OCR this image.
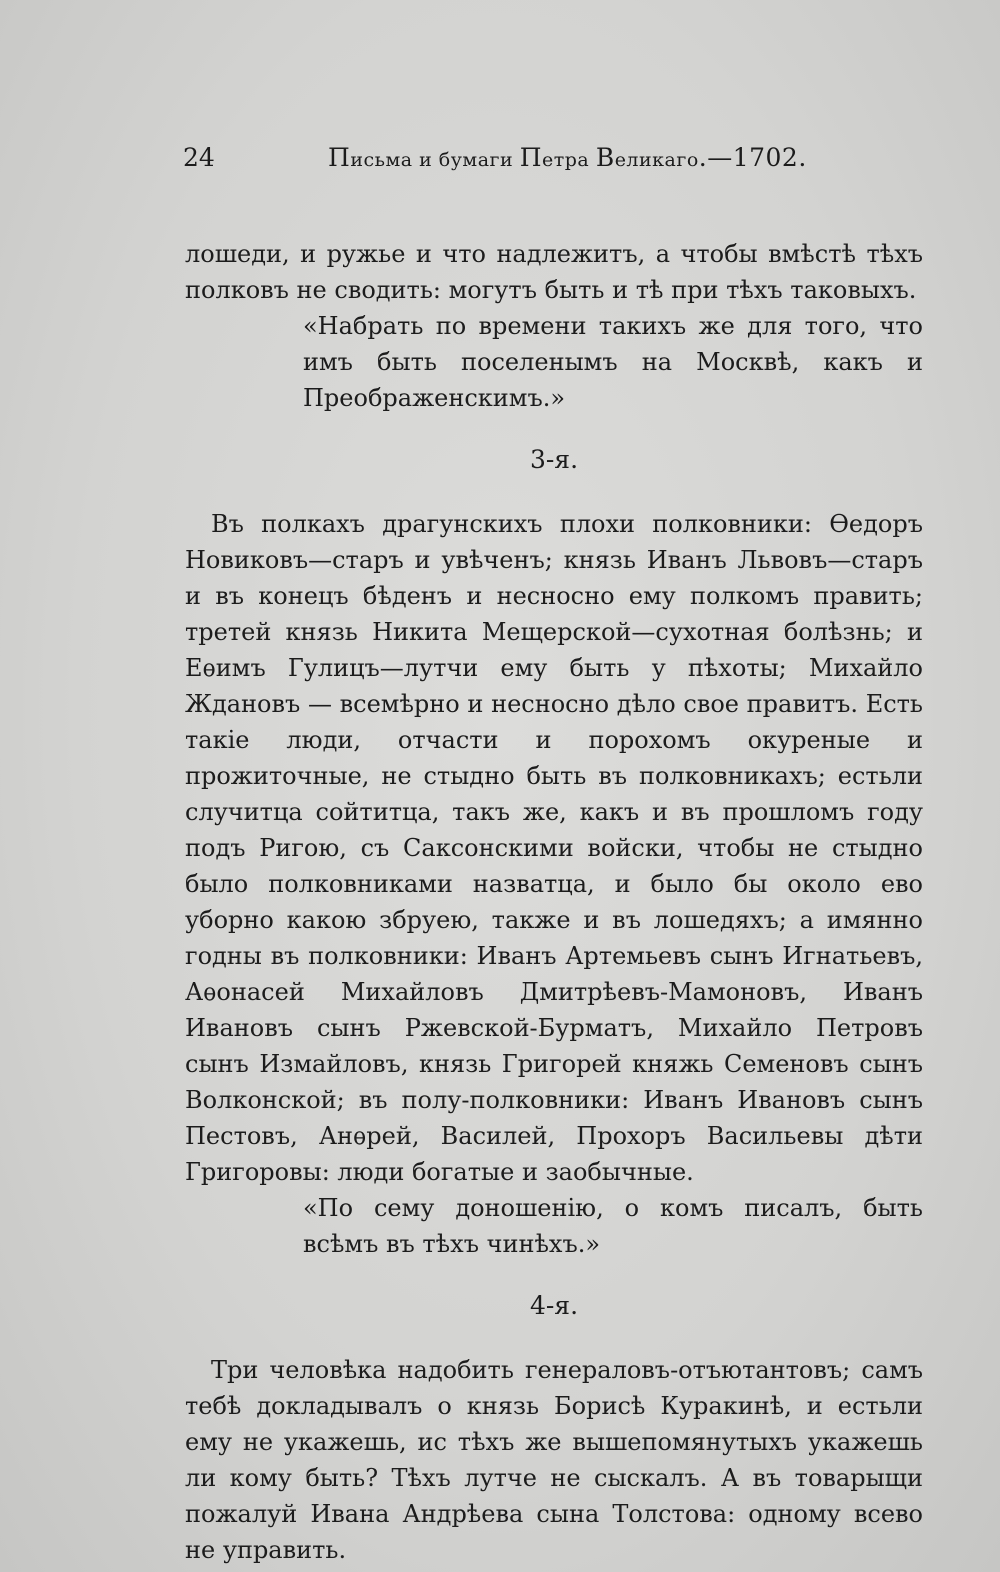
24	Письма и бумаги Петра Великаго.—1702.

лошеди, и ружье и что надлежитъ, а чтобы вмѣстѣ тѣхъ полковъ не сводить: могутъ быть и тѣ при тѣхъ таковыхъ.

«Набрать по времени такихъ же для того, что имъ быть поселенымъ на Москвѣ, какъ и Преображенскимъ.»

3-я.

Въ полкахъ драгунскихъ плохи полковники: Ѳедоръ Новиковъ—старъ и увѣченъ; князь Иванъ Львовъ—старъ и въ конецъ бѣденъ и несносно ему полкомъ править; третей князь Никита Мещерской—сухотная болѣзнь; и Еѳимъ Гулицъ—лутчи ему быть у пѣхоты; Михайло Ждановъ — всемѣрно и несносно дѣло свое правитъ. Есть такіе люди, отчасти и порохомъ окуреные и прожиточные, не стыдно быть въ полковникахъ; естьли случитца сойтитца, такъ же, какъ и въ прошломъ году подъ Ригою, съ Саксонскими войски, чтобы не стыдно было полковниками назватца, и было бы около ево уборно какою збруею, также и въ лошедяхъ; а имянно годны въ полковники: Иванъ Артемьевъ сынъ Игнатьевъ, Аѳонасей Михайловъ Дмитрѣевъ-Мамоновъ, Иванъ Ивановъ сынъ Ржевской-Бурматъ, Михайло Петровъ сынъ Измайловъ, князь Григорей княжь Семеновъ сынъ Волконской; въ полу-полковники: Иванъ Ивановъ сынъ Пестовъ, Анѳрей, Василей, Прохоръ Васильевы дѣти Григоровы: люди богатые и заобычные.

«По сему доношенію, о комъ писалъ, быть всѣмъ въ тѣхъ чинѣхъ.»

4-я.

Три человѣка надобить генераловъ-отъютантовъ; самъ тебѣ докладывалъ о князь Борисѣ Куракинѣ, и естьли ему не укажешь, ис тѣхъ же вышепомянутыхъ укажешь ли кому быть? Тѣхъ лутче не сыскалъ. А въ товарыщи пожалуй Ивана Андрѣева сына Толстова: одному всево не управить.
